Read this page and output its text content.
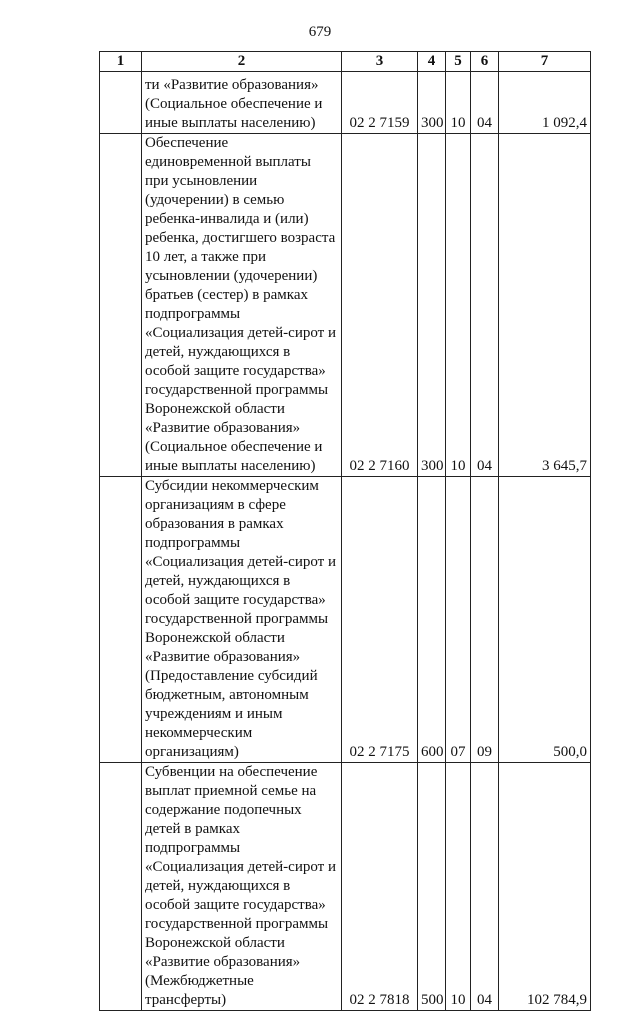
679
1	2	3	4	5	6	7
	ти «Развитие образования» (Социальное обеспечение и иные выплаты населению)	02 2 7159	300	10	04	1 092,4
	Обеспечение единовременной выплаты при усыновлении (удочерении) в семью ребенка-инвалида и (или) ребенка, достигшего возраста 10 лет, а также при усыновлении (удочерении) братьев (сестер) в рамках подпрограммы «Социализация детей-сирот и детей, нуждающихся в особой защите государства» государственной программы Воронежской области «Развитие образования» (Социальное обеспечение и иные выплаты населению)	02 2 7160	300	10	04	3 645,7
	Субсидии некоммерческим организациям в сфере образования в рамках подпрограммы «Социализация детей-сирот и детей, нуждающихся в особой защите государства» государственной программы Воронежской области «Развитие образования» (Предоставление субсидий бюджетным, автономным учреждениям и иным некоммерческим организациям)	02 2 7175	600	07	09	500,0
	Субвенции на обеспечение выплат приемной семье на содержание подопечных детей в рамках подпрограммы «Социализация детей-сирот и детей, нуждающихся в особой защите государства» государственной программы Воронежской области «Развитие образования» (Межбюджетные трансферты)	02 2 7818	500	10	04	102 784,9
